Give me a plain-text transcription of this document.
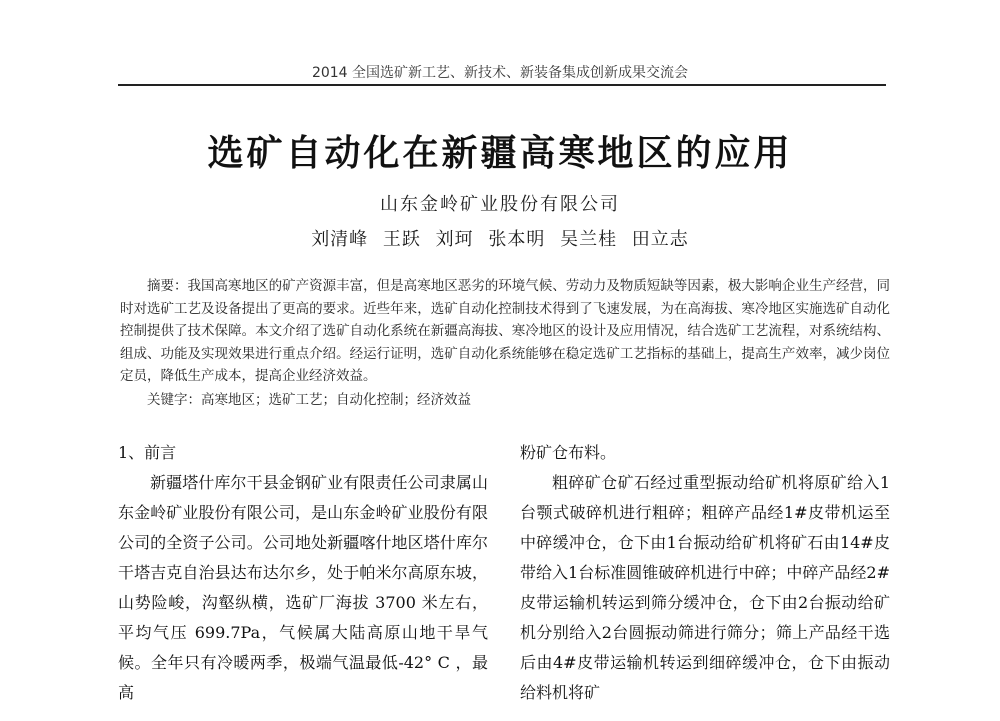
2014 全国选矿新工艺、新技术、新装备集成创新成果交流会
选矿自动化在新疆高寒地区的应用
山东金岭矿业股份有限公司
刘清峰 王跃 刘珂 张本明 吴兰桂 田立志
摘要：我国高寒地区的矿产资源丰富，但是高寒地区恶劣的环境气候、劳动力及物质短缺等因素，极大影响企业生产经营，同时对选矿工艺及设备提出了更高的要求。近些年来，选矿自动化控制技术得到了飞速发展，为在高海拔、寒冷地区实施选矿自动化控制提供了技术保障。本文介绍了选矿自动化系统在新疆高海拔、寒冷地区的设计及应用情况，结合选矿工艺流程，对系统结构、组成、功能及实现效果进行重点介绍。经运行证明，选矿自动化系统能够在稳定选矿工艺指标的基础上，提高生产效率，减少岗位定员，降低生产成本，提高企业经济效益。
关键字：高寒地区；选矿工艺；自动化控制；经济效益
1、前言

新疆塔什库尔干县金钢矿业有限责任公司隶属山东金岭矿业股份有限公司，是山东金岭矿业股份有限公司的全资子公司。公司地处新疆喀什地区塔什库尔干塔吉克自治县达布达尔乡，处于帕米尔高原东坡，山势险峻，沟壑纵横，选矿厂海拔 3700 米左右，平均气压 699.7Pa，气候属大陆高原山地干旱气候。全年只有冷暖两季，极端气温最低-42° C ，最高

粉矿仓布料。

粗碎矿仓矿石经过重型振动给矿机将原矿给入1台颚式破碎机进行粗碎；粗碎产品经1#皮带机运至中碎缓冲仓，仓下由1台振动给矿机将矿石由14#皮带给入1台标准圆锥破碎机进行中碎；中碎产品经2#皮带运输机转运到筛分缓冲仓，仓下由2台振动给矿机分别给入2台圆振动筛进行筛分；筛上产品经干选后由4#皮带运输机转运到细碎缓冲仓，仓下由振动给料机将矿
